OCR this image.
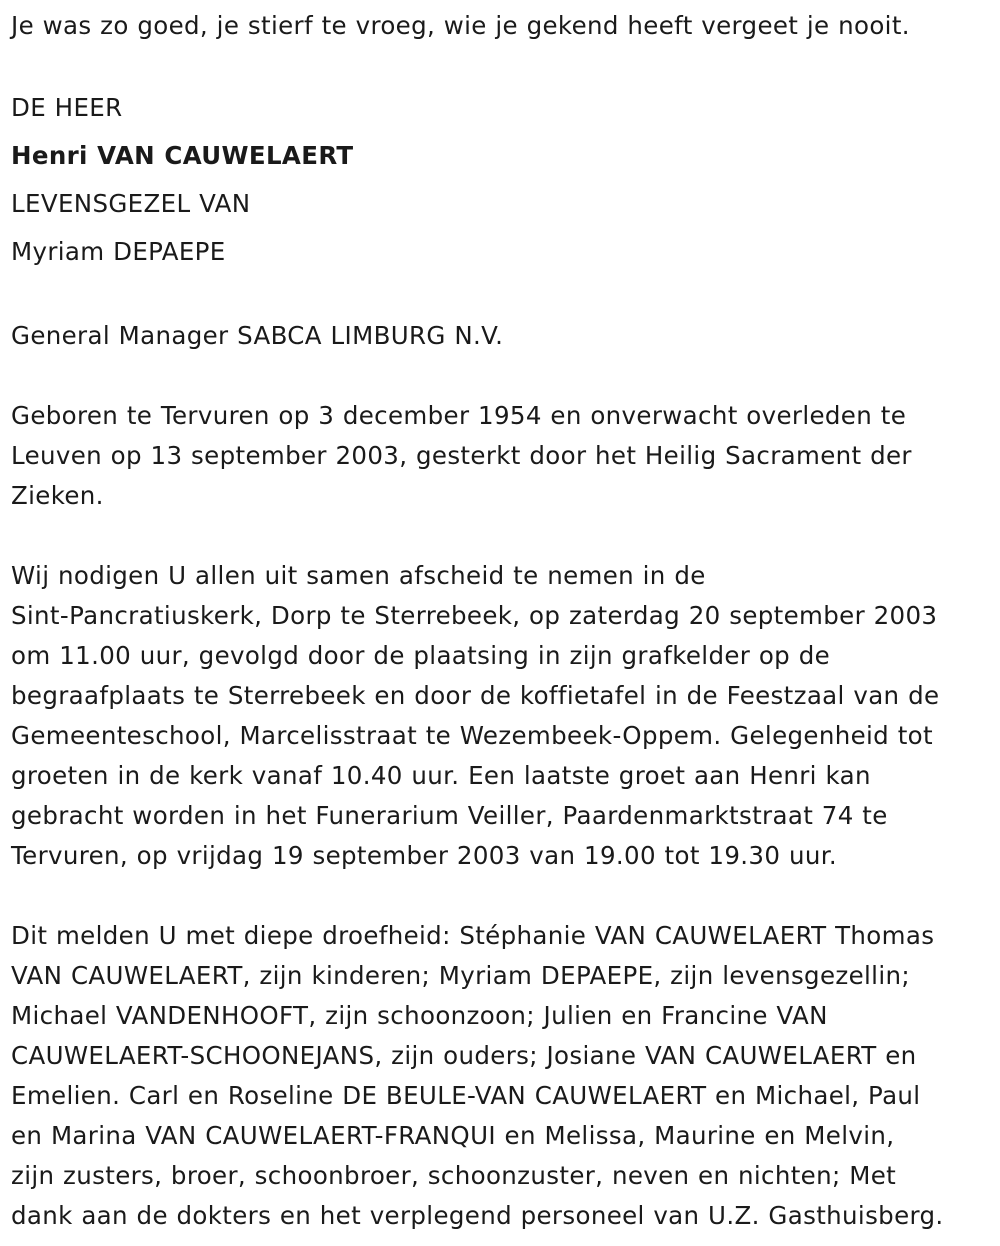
Je was zo goed, je stierf te vroeg, wie je gekend heeft vergeet je nooit.
DE HEER
Henri VAN CAUWELAERT
LEVENSGEZEL VAN
Myriam DEPAEPE
General Manager SABCA LIMBURG N.V.
Geboren te Tervuren op 3 december 1954 en onverwacht overleden te
Leuven op 13 september 2003, gesterkt door het Heilig Sacrament der
Zieken.
Wij nodigen U allen uit samen afscheid te nemen in de
Sint-Pancratiuskerk, Dorp te Sterrebeek, op zaterdag 20 september 2003
om 11.00 uur, gevolgd door de plaatsing in zijn grafkelder op de
begraafplaats te Sterrebeek en door de koffietafel in de Feestzaal van de
Gemeenteschool, Marcelisstraat te Wezembeek-Oppem. Gelegenheid tot
groeten in de kerk vanaf 10.40 uur. Een laatste groet aan Henri kan
gebracht worden in het Funerarium Veiller, Paardenmarktstraat 74 te
Tervuren, op vrijdag 19 september 2003 van 19.00 tot 19.30 uur.
Dit melden U met diepe droefheid: Stéphanie VAN CAUWELAERT Thomas
VAN CAUWELAERT, zijn kinderen; Myriam DEPAEPE, zijn levensgezellin;
Michael VANDENHOOFT, zijn schoonzoon; Julien en Francine VAN
CAUWELAERT-SCHOONEJANS, zijn ouders; Josiane VAN CAUWELAERT en
Emelien. Carl en Roseline DE BEULE-VAN CAUWELAERT en Michael, Paul
en Marina VAN CAUWELAERT-FRANQUI en Melissa, Maurine en Melvin,
zijn zusters, broer, schoonbroer, schoonzuster, neven en nichten; Met
dank aan de dokters en het verplegend personeel van U.Z. Gasthuisberg.
